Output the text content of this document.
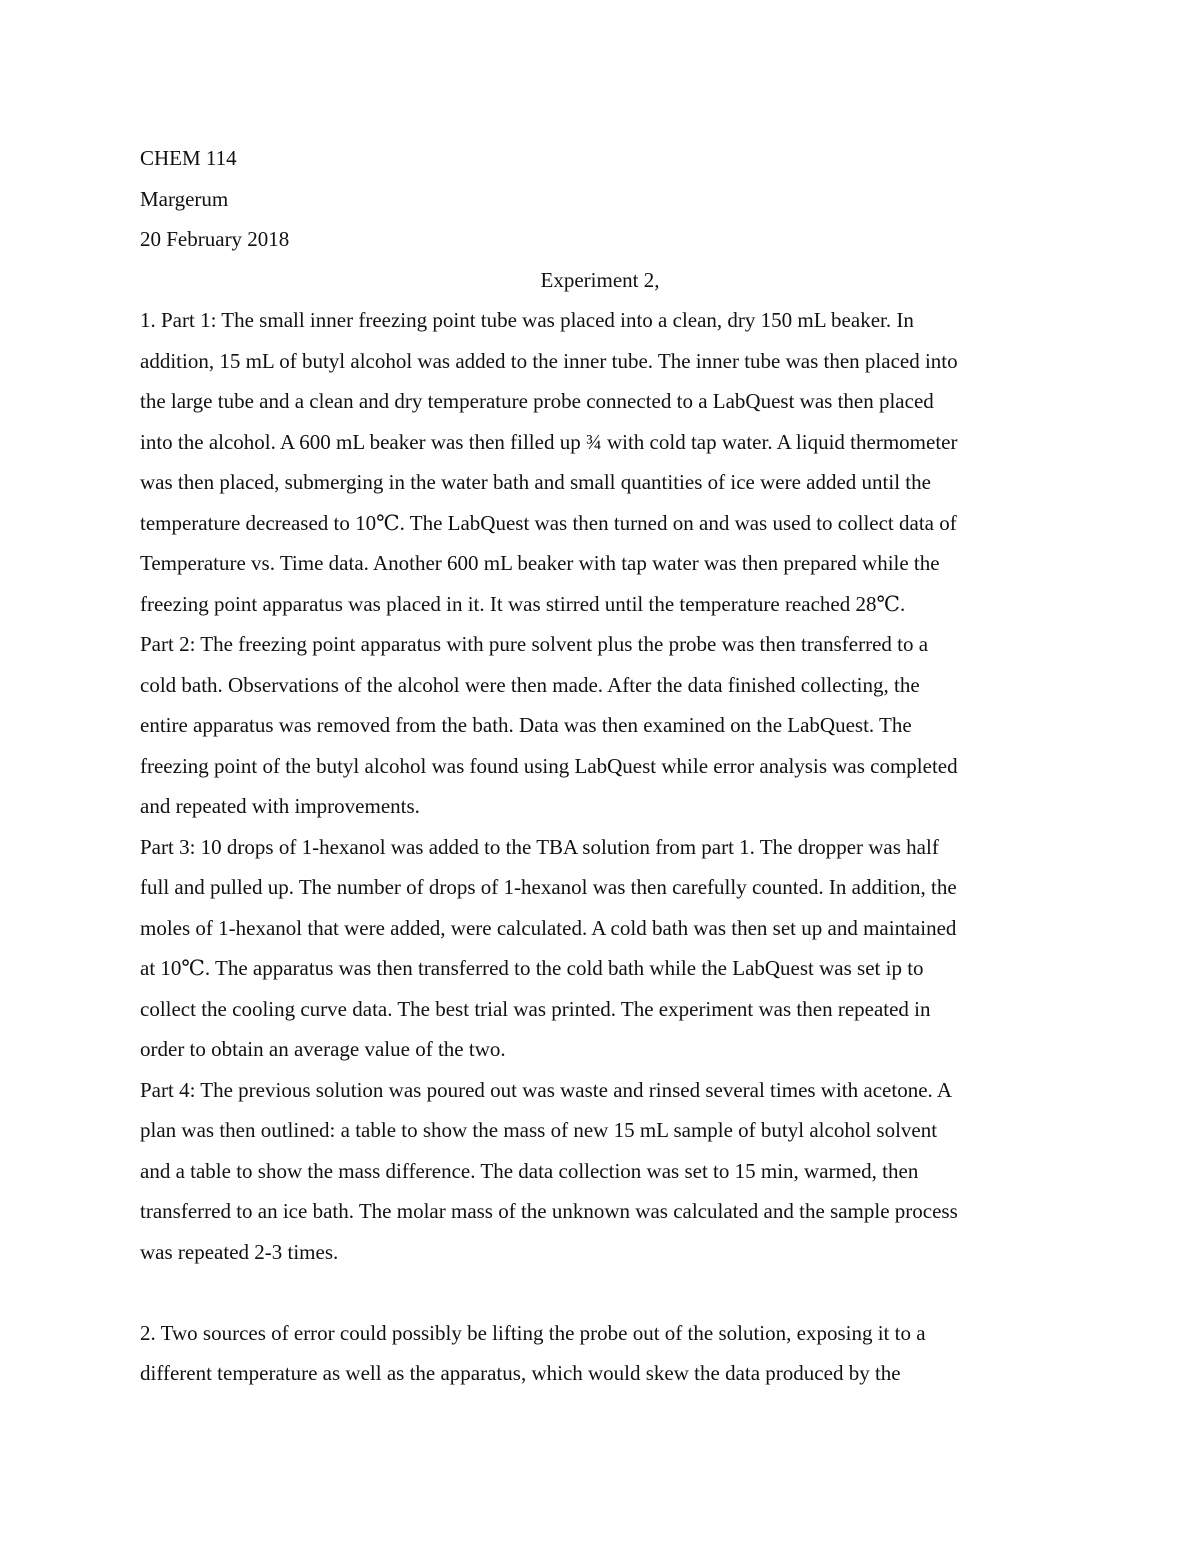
CHEM 114
Margerum
20 February 2018
Experiment 2,
1. Part 1: The small inner freezing point tube was placed into a clean, dry 150 mL beaker. In
addition, 15 mL of butyl alcohol was added to the inner tube. The inner tube was then placed into
the large tube and a clean and dry temperature probe connected to a LabQuest was then placed
into the alcohol. A 600 mL beaker was then filled up ¾ with cold tap water. A liquid thermometer
was then placed, submerging in the water bath and small quantities of ice were added until the
temperature decreased to 10℃. The LabQuest was then turned on and was used to collect data of
Temperature vs. Time data. Another 600 mL beaker with tap water was then prepared while the
freezing point apparatus was placed in it. It was stirred until the temperature reached 28℃.
Part 2: The freezing point apparatus with pure solvent plus the probe was then transferred to a
cold bath. Observations of the alcohol were then made. After the data finished collecting, the
entire apparatus was removed from the bath. Data was then examined on the LabQuest. The
freezing point of the butyl alcohol was found using LabQuest while error analysis was completed
and repeated with improvements.
Part 3: 10 drops of 1-hexanol was added to the TBA solution from part 1. The dropper was half
full and pulled up. The number of drops of 1-hexanol was then carefully counted. In addition, the
moles of 1-hexanol that were added, were calculated. A cold bath was then set up and maintained
at 10℃. The apparatus was then transferred to the cold bath while the LabQuest was set ip to
collect the cooling curve data. The best trial was printed. The experiment was then repeated in
order to obtain an average value of the two.
Part 4: The previous solution was poured out was waste and rinsed several times with acetone. A
plan was then outlined: a table to show the mass of new 15 mL sample of butyl alcohol solvent
and a table to show the mass difference. The data collection was set to 15 min, warmed, then
transferred to an ice bath. The molar mass of the unknown was calculated and the sample process
was repeated 2-3 times.
2. Two sources of error could possibly be lifting the probe out of the solution, exposing it to a
different temperature as well as the apparatus, which would skew the data produced by the
